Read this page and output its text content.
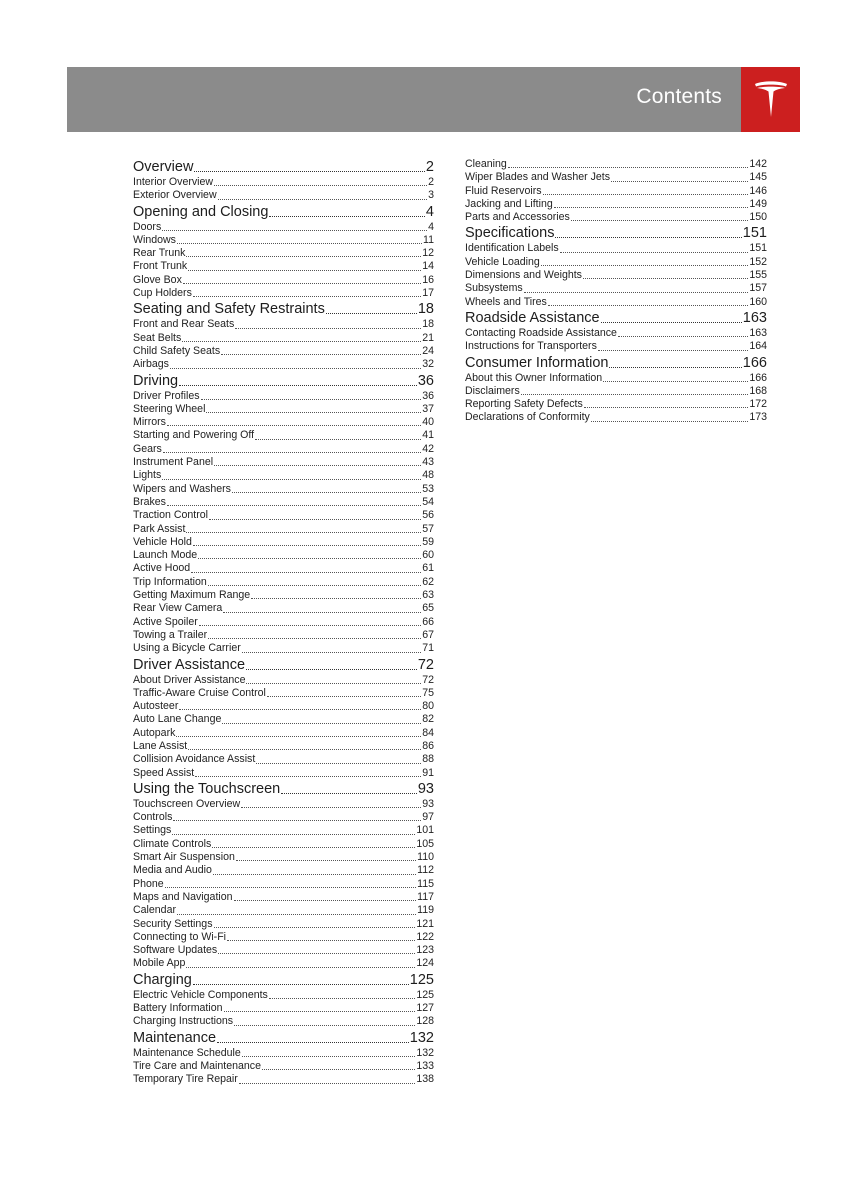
Contents
Overview	2
Interior Overview	2
Exterior Overview	3
Opening and Closing	4
Doors	4
Windows	11
Rear Trunk	12
Front Trunk	14
Glove Box	16
Cup Holders	17
Seating and Safety Restraints	18
Front and Rear Seats	18
Seat Belts	21
Child Safety Seats	24
Airbags	32
Driving	36
Driver Profiles	36
Steering Wheel	37
Mirrors	40
Starting and Powering Off	41
Gears	42
Instrument Panel	43
Lights	48
Wipers and Washers	53
Brakes	54
Traction Control	56
Park Assist	57
Vehicle Hold	59
Launch Mode	60
Active Hood	61
Trip Information	62
Getting Maximum Range	63
Rear View Camera	65
Active Spoiler	66
Towing a Trailer	67
Using a Bicycle Carrier	71
Driver Assistance	72
About Driver Assistance	72
Traffic-Aware Cruise Control	75
Autosteer	80
Auto Lane Change	82
Autopark	84
Lane Assist	86
Collision Avoidance Assist	88
Speed Assist	91
Using the Touchscreen	93
Touchscreen Overview	93
Controls	97
Settings	101
Climate Controls	105
Smart Air Suspension	110
Media and Audio	112
Phone	115
Maps and Navigation	117
Calendar	119
Security Settings	121
Connecting to Wi-Fi	122
Software Updates	123
Mobile App	124
Charging	125
Electric Vehicle Components	125
Battery Information	127
Charging Instructions	128
Maintenance	132
Maintenance Schedule	132
Tire Care and Maintenance	133
Temporary Tire Repair	138
Cleaning	142
Wiper Blades and Washer Jets	145
Fluid Reservoirs	146
Jacking and Lifting	149
Parts and Accessories	150
Specifications	151
Identification Labels	151
Vehicle Loading	152
Dimensions and Weights	155
Subsystems	157
Wheels and Tires	160
Roadside Assistance	163
Contacting Roadside Assistance	163
Instructions for Transporters	164
Consumer Information	166
About this Owner Information	166
Disclaimers	168
Reporting Safety Defects	172
Declarations of Conformity	173
